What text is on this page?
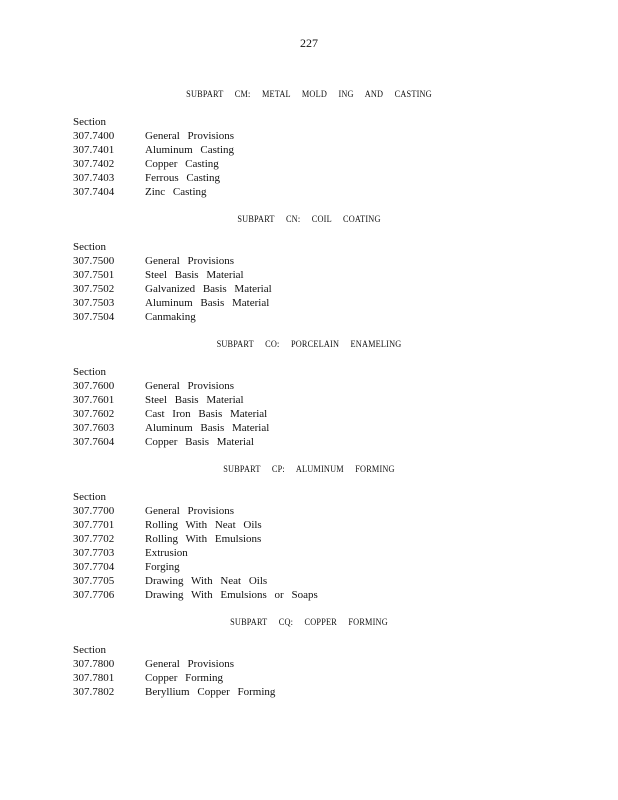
227
SUBPART CM: METAL MOLD ING AND CASTING
Section
307.7400	General Provisions
307.7401	Aluminum Casting
307.7402	Copper Casting
307.7403	Ferrous Casting
307.7404	Zinc Casting
SUBPART CN: COIL COATING
Section
307.7500	General Provisions
307.7501	Steel Basis Material
307.7502	Galvanized Basis Material
307.7503	Aluminum Basis Material
307.7504	Canmaking
SUBPART CO: PORCELAIN ENAMELING
Section
307.7600	General Provisions
307.7601	Steel Basis Material
307.7602	Cast Iron Basis Material
307.7603	Aluminum Basis Material
307.7604	Copper Basis Material
SUBPART CP: ALUMINUM FORMING
Section
307.7700	General Provisions
307.7701	Rolling With Neat Oils
307.7702	Rolling With Emulsions
307.7703	Extrusion
307.7704	Forging
307.7705	Drawing With Neat Oils
307.7706	Drawing With Emulsions or Soaps
SUBPART CQ: COPPER FORMING
Section
307.7800	General Provisions
307.7801	Copper Forming
307.7802	Beryllium Copper Forming
